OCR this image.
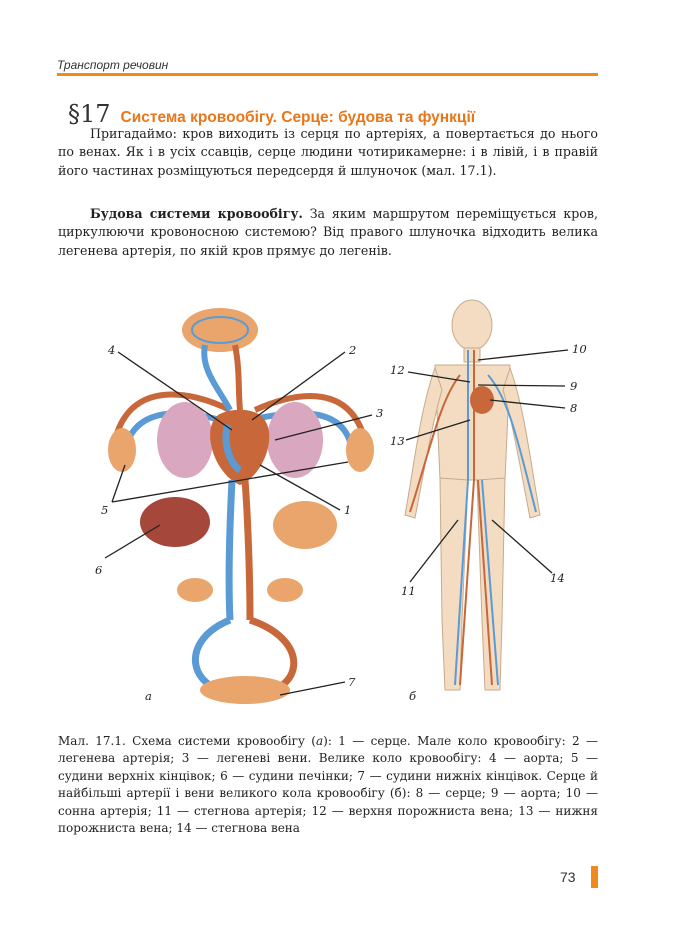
Транспорт речовин
§17 Система кровообігу. Серце: будова та функції

Пригадаймо: кров виходить із серця по артеріях, а повертається до нього по венах. Як і в усіх ссавців, серце людини чотирикамерне: і в лівій, і в правій його частинах розміщуються передсердя й шлуночок (мал. 17.1).

Будова системи кровообігу. За яким маршрутом переміщується кров, циркулюючи кровоносною системою? Від правого шлуночка відходить велика легенева артерія, по якій кров прямує до легенів.

4	2
3
1
5
6
7
а
10
12
9
8
13
11
14
б

Мал. 17.1. Схема системи кровообігу (а): 1 — серце. Мале коло кровообігу: 2 — легенева артерія; 3 — легеневі вени. Велике коло кровообігу: 4 — аорта; 5 — судини верхніх кінцівок; 6 — судини печінки; 7 — судини нижніх кінцівок. Серце й найбільші артерії і вени великого кола кровообігу (б): 8 — серце; 9 — аорта; 10 — сонна артерія; 11 — стегнова артерія; 12 — верхня порожниста вена; 13 — нижня порожниста вена; 14 — стегнова вена

73
